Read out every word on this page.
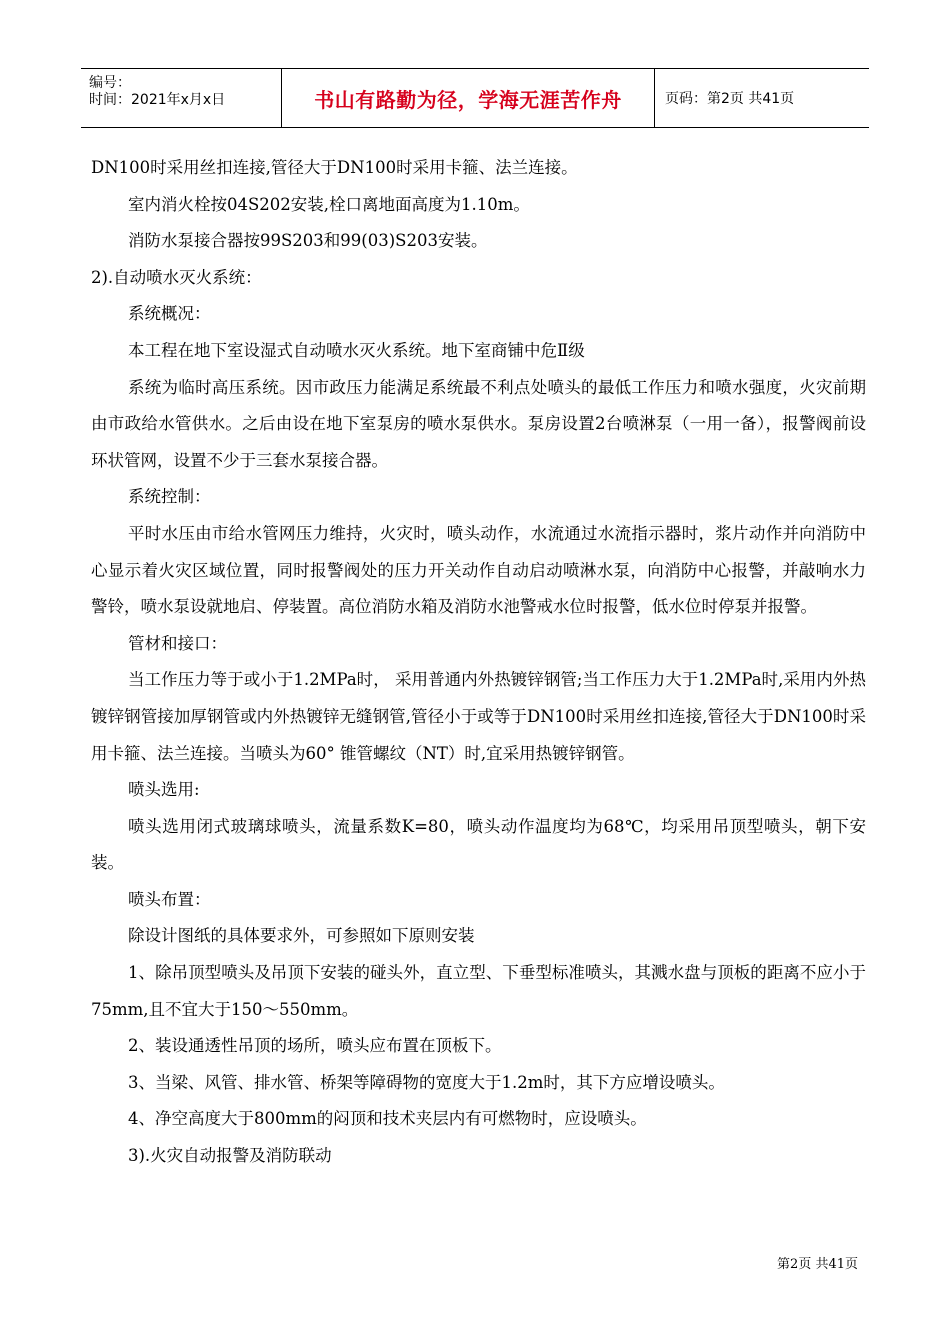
编号：
时间：2021年x月x日	书山有路勤为径，学海无涯苦作舟	页码：第2页 共41页

DN100时采用丝扣连接,管径大于DN100时采用卡箍、法兰连接。

室内消火栓按04S202安装,栓口离地面高度为1.10m。

消防水泵接合器按99S203和99(03)S203安装。

2).自动喷水灭火系统：

系统概况：

本工程在地下室设湿式自动喷水灭火系统。地下室商铺中危Ⅱ级

系统为临时高压系统。因市政压力能满足系统最不利点处喷头的最低工作压力和喷水强度，火灾前期由市政给水管供水。之后由设在地下室泵房的喷水泵供水。泵房设置2台喷淋泵（一用一备），报警阀前设环状管网，设置不少于三套水泵接合器。

系统控制：

平时水压由市给水管网压力维持，火灾时，喷头动作，水流通过水流指示器时，浆片动作并向消防中心显示着火灾区域位置，同时报警阀处的压力开关动作自动启动喷淋水泵，向消防中心报警，并敲响水力警铃，喷水泵设就地启、停装置。高位消防水箱及消防水池警戒水位时报警，低水位时停泵并报警。

管材和接口：

当工作压力等于或小于1.2MPa时， 采用普通内外热镀锌钢管;当工作压力大于1.2MPa时,采用内外热镀锌钢管接加厚钢管或内外热镀锌无缝钢管,管径小于或等于DN100时采用丝扣连接,管径大于DN100时采用卡箍、法兰连接。当喷头为60° 锥管螺纹（NT）时,宜采用热镀锌钢管。

喷头选用:

喷头选用闭式玻璃球喷头，流量系数K=80，喷头动作温度均为68℃，均采用吊顶型喷头，朝下安装。

喷头布置：

除设计图纸的具体要求外，可参照如下原则安装

1、除吊顶型喷头及吊顶下安装的碰头外，直立型、下垂型标准喷头，其溅水盘与顶板的距离不应小于75mm,且不宜大于150～550mm。

2、装设通透性吊顶的场所，喷头应布置在顶板下。

3、当梁、风管、排水管、桥架等障碍物的宽度大于1.2m时，其下方应增设喷头。

4、净空高度大于800mm的闷顶和技术夹层内有可燃物时，应设喷头。

3).火灾自动报警及消防联动

第2页 共41页
